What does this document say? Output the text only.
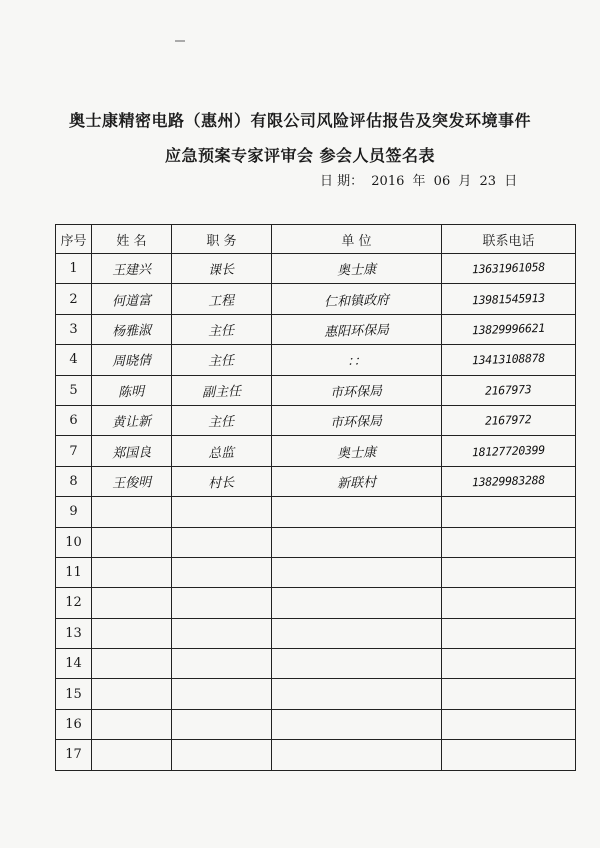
奥士康精密电路（惠州）有限公司风险评估报告及突发环境事件
应急预案专家评审会 参会人员签名表
日 期： 2016 年 06 月 23 日
序号	姓 名	职 务	单 位	联系电话
1	王建兴	课长	奥士康	13631961058
2	何道富	工程	仁和镇政府	13981545913
3	杨雅淑	主任	惠阳环保局	13829996621
4	周晓倩	主任	：：	13413108878
5	陈明	副主任	市环保局	2167973
6	黄让新	主任	市环保局	2167972
7	郑国良	总监	奥士康	18127720399
8	王俊明	村长	新联村	13829983288
9				
10				
11				
12				
13				
14				
15				
16				
17				
